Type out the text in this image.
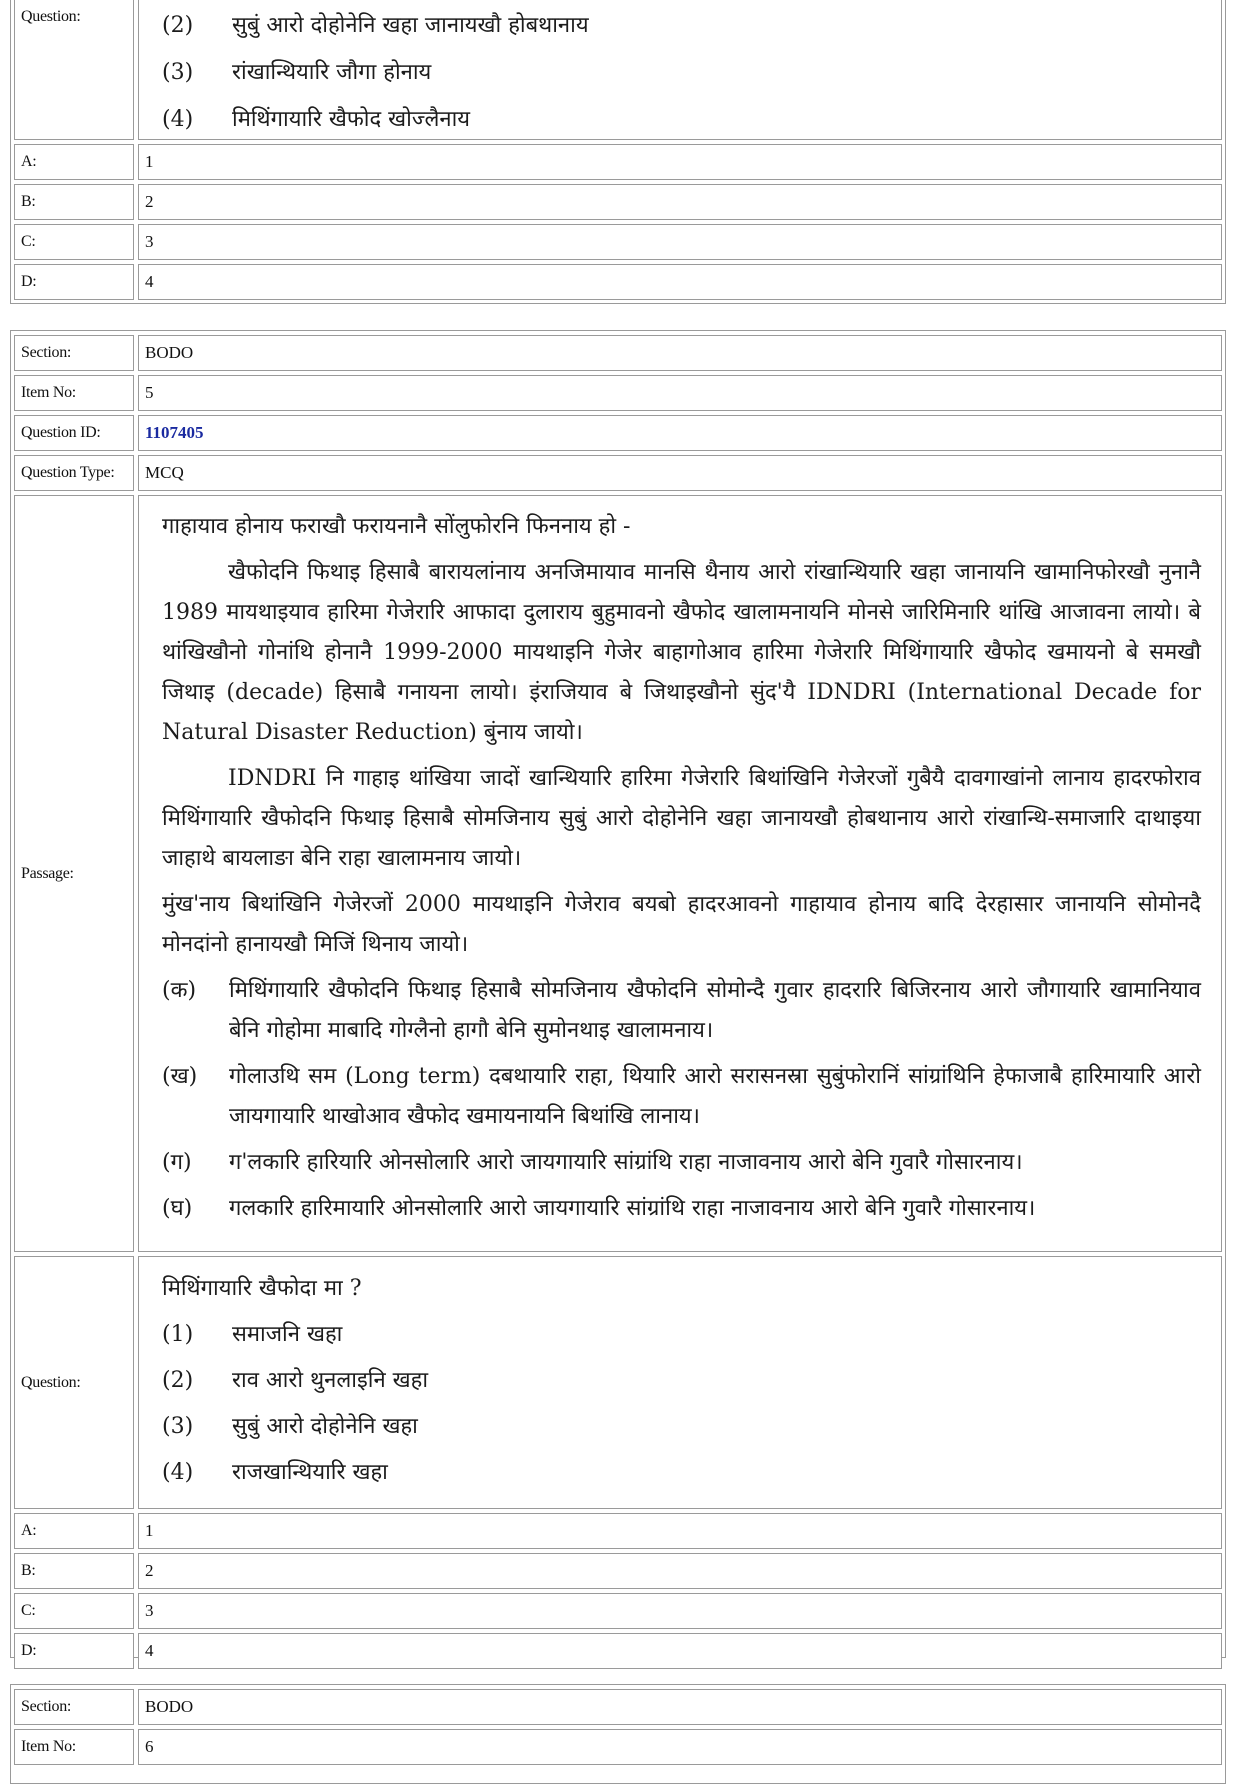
Question:	(2)	सुबुं आरो दोहोनेनि खहा जानायखौ होबथानाय
(3)	रांखान्थियारि जौगा होनाय
(4)	मिथिंगायारि खैफोद खोज्लैनाय
A:	1
B:	2
C:	3
D:	4
Section:	BODO
Item No:	5
Question ID:	1107405
Question Type:	MCQ
Passage:

गाहायाव होनाय फराखौ फरायनानै सोंलुफोरनि फिननाय हो -

खैफोदनि फिथाइ हिसाबै बारायलांनाय अनजिमायाव मानसि थैनाय आरो रांखान्थियारि खहा जानायनि खामानिफोरखौ नुनानै 1989 मायथाइयाव हारिमा गेजेरारि आफादा दुलाराय बुहुमावनो खैफोद खालामनायनि मोनसे जारिमिनारि थांखि आजावना लायो। बे थांखिखौनो गोनांथि होनानै 1999-2000 मायथाइनि गेजेर बाहागोआव हारिमा गेजेरारि मिथिंगायारि खैफोद खमायनो बे समखौ जिथाइ (decade) हिसाबै गनायना लायो। इंराजियाव बे जिथाइखौनो सुंद'यै IDNDRI (International Decade for Natural Disaster Reduction) बुंनाय जायो।

IDNDRI नि गाहाइ थांखिया जादों खान्थियारि हारिमा गेजेरारि बिथांखिनि गेजेरजों गुबैयै दावगाखांनो लानाय हादरफोराव मिथिंगायारि खैफोदनि फिथाइ हिसाबै सोमजिनाय सुबुं आरो दोहोनेनि खहा जानायखौ होबथानाय आरो रांखान्थि-समाजारि दाथाइया जाहाथे बायलाङा बेनि राहा खालामनाय जायो।

मुंख'नाय बिथांखिनि गेजेरजों 2000 मायथाइनि गेजेराव बयबो हादरआवनो गाहायाव होनाय बादि देरहासार जानायनि सोमोनदै मोनदांनो हानायखौ मिजिं थिनाय जायो।

(क)	मिथिंगायारि खैफोदनि फिथाइ हिसाबै सोमजिनाय खैफोदनि सोमोन्दै गुवार हादरारि बिजिरनाय आरो जौगायारि खामानियाव बेनि गोहोमा माबादि गोग्लैनो हागौ बेनि सुमोनथाइ खालामनाय।
(ख)	गोलाउथि सम (Long term) दबथायारि राहा, थियारि आरो सरासनस्रा सुबुंफोरानिं सांग्रांथिनि हेफाजाबै हारिमायारि आरो जायगायारि थाखोआव खैफोद खमायनायनि बिथांखि लानाय।
(ग)	ग'लकारि हारियारि ओनसोलारि आरो जायगायारि सांग्रांथि राहा नाजावनाय आरो बेनि गुवारै गोसारनाय।
(घ)	गलकारि हारिमायारि ओनसोलारि आरो जायगायारि सांग्रांथि राहा नाजावनाय आरो बेनि गुवारै गोसारनाय।
Question:

मिथिंगायारि खैफोदा मा ?

(1)	समाजनि खहा
(2)	राव आरो थुनलाइनि खहा
(3)	सुबुं आरो दोहोनेनि खहा
(4)	राजखान्थियारि खहा
A:	1
B:	2
C:	3
D:	4
Section:	BODO
Item No:	6
